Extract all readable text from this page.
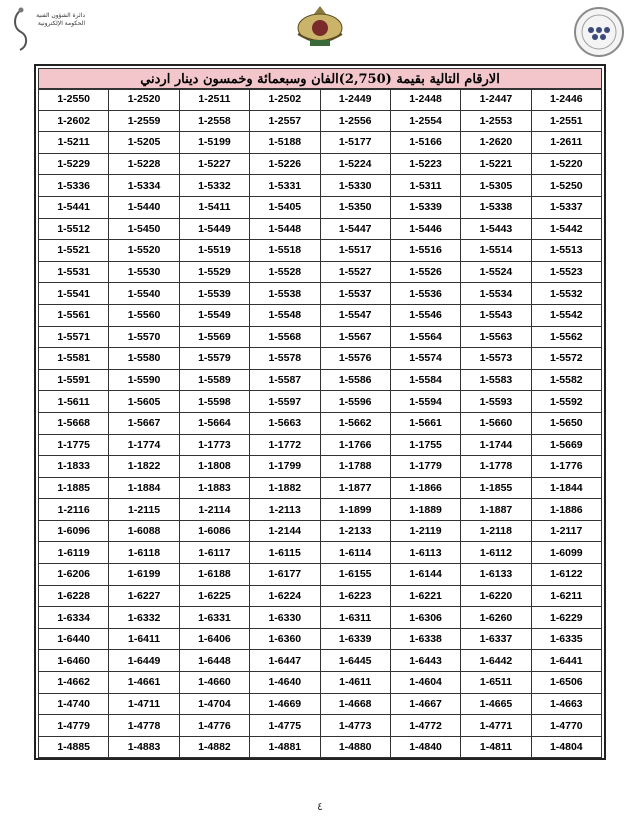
دائرة الشؤون الفنية الحكومة الإلكترونية
الارقام التالية بقيمة (2,750)الفان وسبعمائة وخمسون دينار اردني
1-2550	1-2520	1-2511	1-2502	1-2449	1-2448	1-2447	1-2446
1-2602	1-2559	1-2558	1-2557	1-2556	1-2554	1-2553	1-2551
1-5211	1-5205	1-5199	1-5188	1-5177	1-5166	1-2620	1-2611
1-5229	1-5228	1-5227	1-5226	1-5224	1-5223	1-5221	1-5220
1-5336	1-5334	1-5332	1-5331	1-5330	1-5311	1-5305	1-5250
1-5441	1-5440	1-5411	1-5405	1-5350	1-5339	1-5338	1-5337
1-5512	1-5450	1-5449	1-5448	1-5447	1-5446	1-5443	1-5442
1-5521	1-5520	1-5519	1-5518	1-5517	1-5516	1-5514	1-5513
1-5531	1-5530	1-5529	1-5528	1-5527	1-5526	1-5524	1-5523
1-5541	1-5540	1-5539	1-5538	1-5537	1-5536	1-5534	1-5532
1-5561	1-5560	1-5549	1-5548	1-5547	1-5546	1-5543	1-5542
1-5571	1-5570	1-5569	1-5568	1-5567	1-5564	1-5563	1-5562
1-5581	1-5580	1-5579	1-5578	1-5576	1-5574	1-5573	1-5572
1-5591	1-5590	1-5589	1-5587	1-5586	1-5584	1-5583	1-5582
1-5611	1-5605	1-5598	1-5597	1-5596	1-5594	1-5593	1-5592
1-5668	1-5667	1-5664	1-5663	1-5662	1-5661	1-5660	1-5650
1-1775	1-1774	1-1773	1-1772	1-1766	1-1755	1-1744	1-5669
1-1833	1-1822	1-1808	1-1799	1-1788	1-1779	1-1778	1-1776
1-1885	1-1884	1-1883	1-1882	1-1877	1-1866	1-1855	1-1844
1-2116	1-2115	1-2114	1-2113	1-1899	1-1889	1-1887	1-1886
1-6096	1-6088	1-6086	1-2144	1-2133	1-2119	1-2118	1-2117
1-6119	1-6118	1-6117	1-6115	1-6114	1-6113	1-6112	1-6099
1-6206	1-6199	1-6188	1-6177	1-6155	1-6144	1-6133	1-6122
1-6228	1-6227	1-6225	1-6224	1-6223	1-6221	1-6220	1-6211
1-6334	1-6332	1-6331	1-6330	1-6311	1-6306	1-6260	1-6229
1-6440	1-6411	1-6406	1-6360	1-6339	1-6338	1-6337	1-6335
1-6460	1-6449	1-6448	1-6447	1-6445	1-6443	1-6442	1-6441
1-4662	1-4661	1-4660	1-4640	1-4611	1-4604	1-6511	1-6506
1-4740	1-4711	1-4704	1-4669	1-4668	1-4667	1-4665	1-4663
1-4779	1-4778	1-4776	1-4775	1-4773	1-4772	1-4771	1-4770
1-4885	1-4883	1-4882	1-4881	1-4880	1-4840	1-4811	1-4804
٤
